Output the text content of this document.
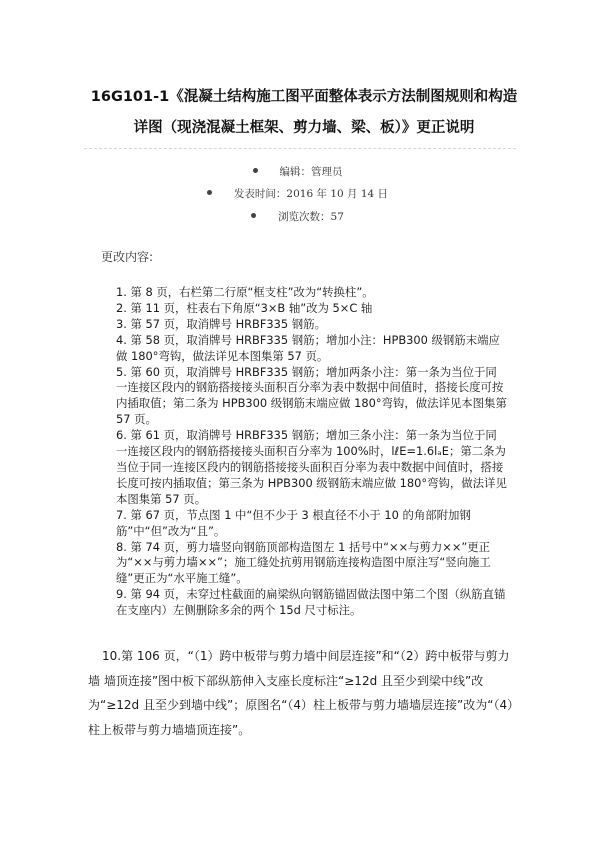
16G101-1《混凝土结构施工图平面整体表示方法制图规则和构造详图（现浇混凝土框架、剪力墙、梁、板）》更正说明
编辑：管理员
发表时间：2016 年 10 月 14 日
浏览次数：57
更改内容:
1. 第 8 页，右栏第二行原“框支柱”改为“转换柱”。
2. 第 11 页，柱表右下角原“3×B 轴”改为 5×C 轴
3. 第 57 页，取消牌号 HRBF335 钢筋。
4. 第 58 页，取消牌号 HRBF335 钢筋；增加小注：HPB300 级钢筋末端应做 180°弯钩，做法详见本图集第 57 页。
5. 第 60 页，取消牌号 HRBF335 钢筋；增加两条小注：第一条为当位于同一连接区段内的钢筋搭接接头面积百分率为表中数据中间值时，搭接长度可按内插取值；第二条为 HPB300 级钢筋末端应做 180°弯钩，做法详见本图集第 57 页。
6. 第 61 页，取消牌号 HRBF335 钢筋；增加三条小注：第一条为当位于同一连接区段内的钢筋搭接接头面积百分率为 100%时，lℓE=1.6lₐE；第二条为当位于同一连接区段内的钢筋搭接接头面积百分率为表中数据中间值时，搭接长度可按内插取值；第三条为 HPB300 级钢筋末端应做 180°弯钩，做法详见本图集第 57 页。
7. 第 67 页，节点图 1 中“但不少于 3 根直径不小于 10 的角部附加钢筋”中“但”改为“且”。
8. 第 74 页，剪力墙竖向钢筋顶部构造图左 1 括号中“××与剪力××”更正为“××与剪力墙××”；施工缝处抗剪用钢筋连接构造图中原注写“竖向施工缝”更正为“水平施工缝”。
9. 第 94 页，未穿过柱截面的扁梁纵向钢筋锚固做法图中第二个图（纵筋直锚在支座内）左侧删除多余的两个 15d 尺寸标注。
10.第 106 页，“（1）跨中板带与剪力墙中间层连接”和“（2）跨中板带与剪力墙 墙顶连接”图中板下部纵筋伸入支座长度标注“≥12d 且至少到梁中线”改为“≥12d 且至少到墙中线”；原图名“（4）柱上板带与剪力墙墙层连接”改为“（4）柱上板带与剪力墙墙顶连接”。
